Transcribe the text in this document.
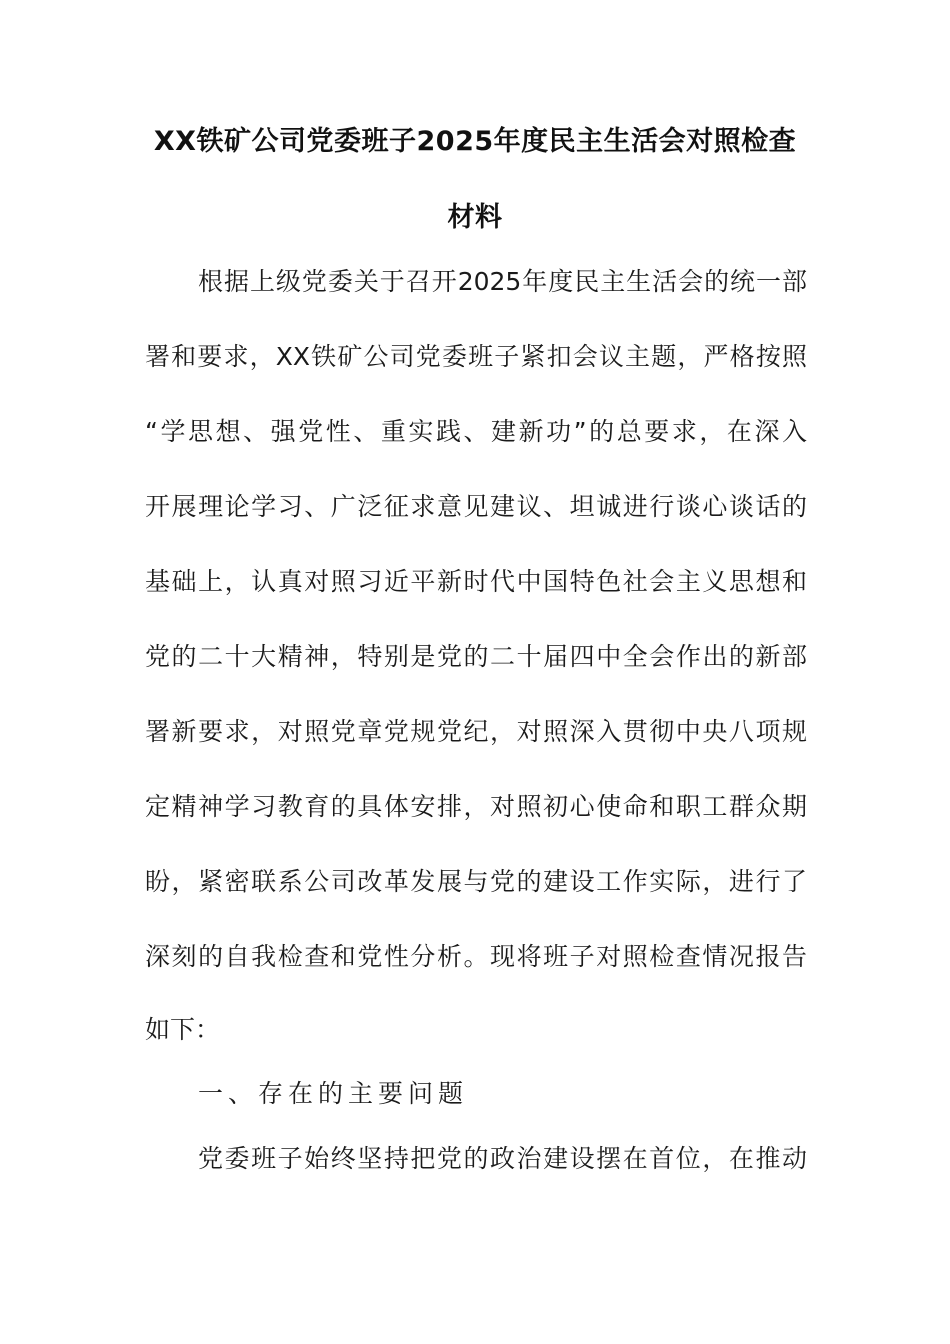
XX铁矿公司党委班子2025年度民主生活会对照检查
材料
根据上级党委关于召开2025年度民主生活会的统一部
署和要求，XX铁矿公司党委班子紧扣会议主题，严格按照
“学思想、强党性、重实践、建新功”的总要求，在深入
开展理论学习、广泛征求意见建议、坦诚进行谈心谈话的
基础上，认真对照习近平新时代中国特色社会主义思想和
党的二十大精神，特别是党的二十届四中全会作出的新部
署新要求，对照党章党规党纪，对照深入贯彻中央八项规
定精神学习教育的具体安排，对照初心使命和职工群众期
盼，紧密联系公司改革发展与党的建设工作实际，进行了
深刻的自我检查和党性分析。现将班子对照检查情况报告
如下：
一、存在的主要问题
党委班子始终坚持把党的政治建设摆在首位，在推动
